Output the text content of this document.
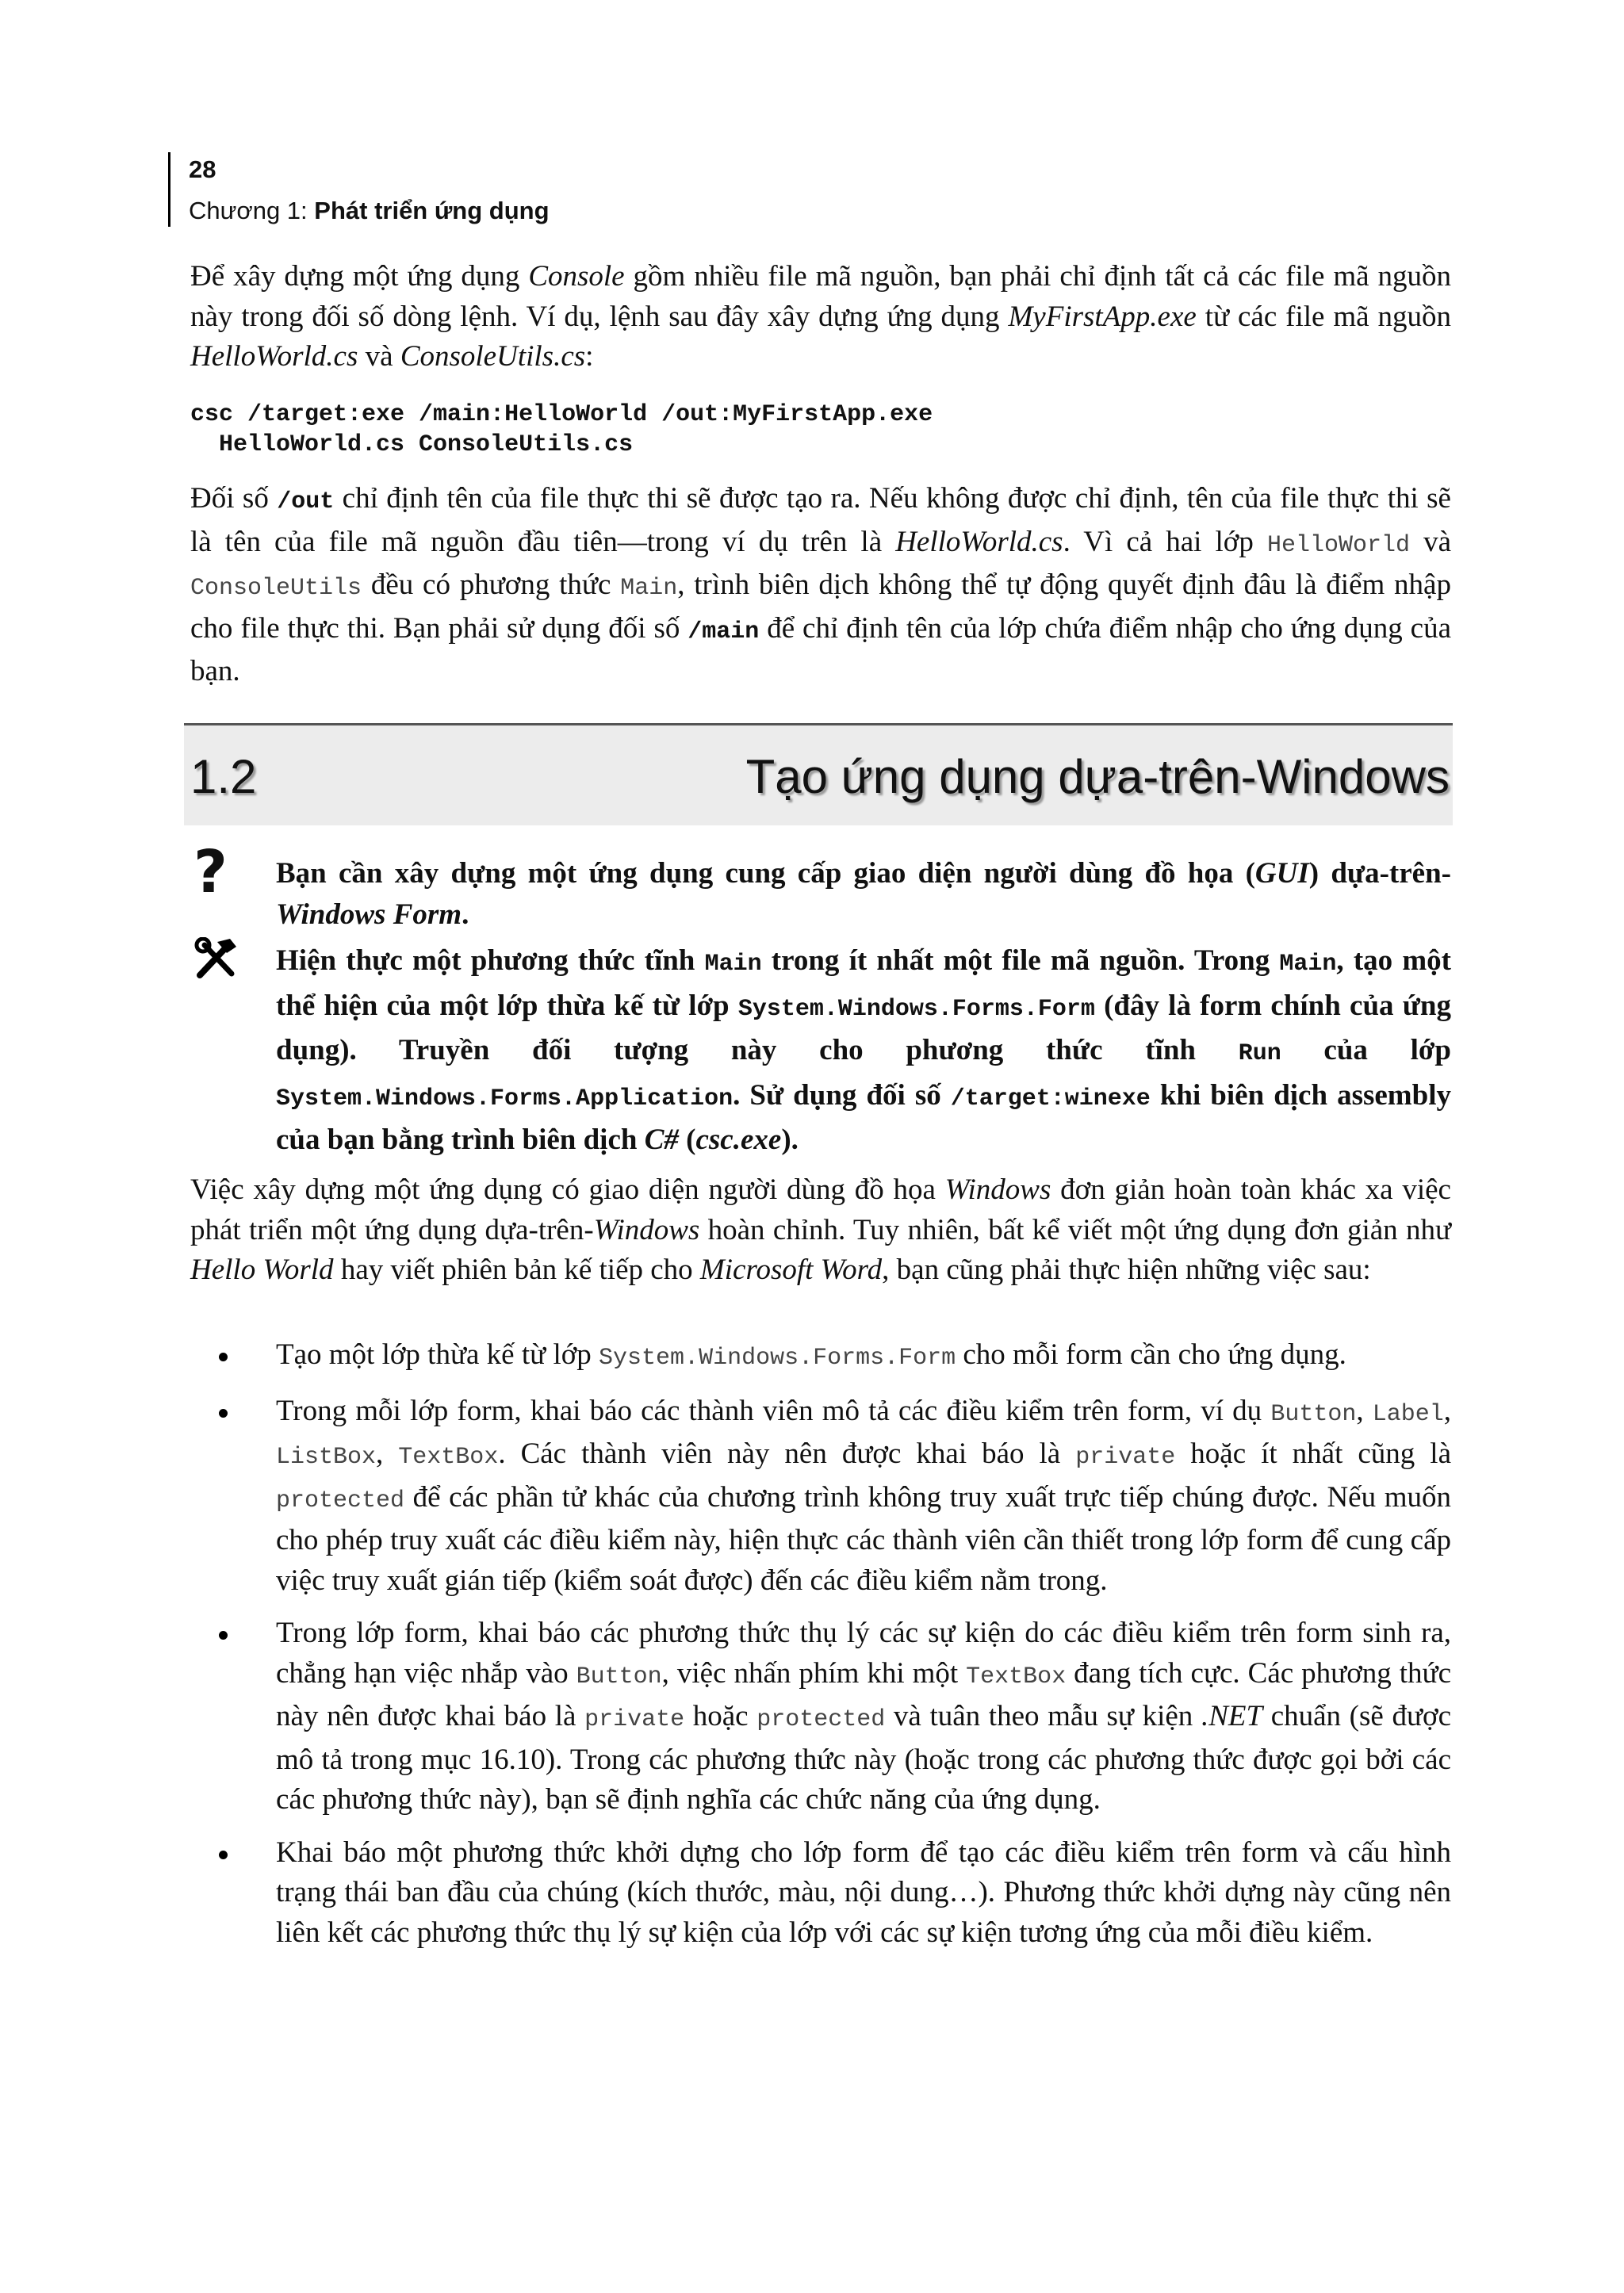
28
Chương 1: Phát triển ứng dụng
Để xây dựng một ứng dụng Console gồm nhiều file mã nguồn, bạn phải chỉ định tất cả các file mã nguồn này trong đối số dòng lệnh. Ví dụ, lệnh sau đây xây dựng ứng dụng MyFirstApp.exe từ các file mã nguồn HelloWorld.cs và ConsoleUtils.cs:
csc /target:exe /main:HelloWorld /out:MyFirstApp.exe
HelloWorld.cs ConsoleUtils.cs
Đối số /out chỉ định tên của file thực thi sẽ được tạo ra. Nếu không được chỉ định, tên của file thực thi sẽ là tên của file mã nguồn đầu tiên—trong ví dụ trên là HelloWorld.cs. Vì cả hai lớp HelloWorld và ConsoleUtils đều có phương thức Main, trình biên dịch không thể tự động quyết định đâu là điểm nhập cho file thực thi. Bạn phải sử dụng đối số /main để chỉ định tên của lớp chứa điểm nhập cho ứng dụng của bạn.
1.2	Tạo ứng dụng dựa-trên-Windows
? Bạn cần xây dựng một ứng dụng cung cấp giao diện người dùng đồ họa (GUI) dựa-trên-Windows Form.
Hiện thực một phương thức tĩnh Main trong ít nhất một file mã nguồn. Trong Main, tạo một thể hiện của một lớp thừa kế từ lớp System.Windows.Forms.Form (đây là form chính của ứng dụng). Truyền đối tượng này cho phương thức tĩnh Run của lớp System.Windows.Forms.Application. Sử dụng đối số /target:winexe khi biên dịch assembly của bạn bằng trình biên dịch C# (csc.exe).
Việc xây dựng một ứng dụng có giao diện người dùng đồ họa Windows đơn giản hoàn toàn khác xa việc phát triển một ứng dụng dựa-trên-Windows hoàn chỉnh. Tuy nhiên, bất kể viết một ứng dụng đơn giản như Hello World hay viết phiên bản kế tiếp cho Microsoft Word, bạn cũng phải thực hiện những việc sau:
Tạo một lớp thừa kế từ lớp System.Windows.Forms.Form cho mỗi form cần cho ứng dụng.
Trong mỗi lớp form, khai báo các thành viên mô tả các điều kiểm trên form, ví dụ Button, Label, ListBox, TextBox. Các thành viên này nên được khai báo là private hoặc ít nhất cũng là protected để các phần tử khác của chương trình không truy xuất trực tiếp chúng được. Nếu muốn cho phép truy xuất các điều kiểm này, hiện thực các thành viên cần thiết trong lớp form để cung cấp việc truy xuất gián tiếp (kiểm soát được) đến các điều kiểm nằm trong.
Trong lớp form, khai báo các phương thức thụ lý các sự kiện do các điều kiểm trên form sinh ra, chẳng hạn việc nhắp vào Button, việc nhấn phím khi một TextBox đang tích cực. Các phương thức này nên được khai báo là private hoặc protected và tuân theo mẫu sự kiện .NET chuẩn (sẽ được mô tả trong mục 16.10). Trong các phương thức này (hoặc trong các phương thức được gọi bởi các các phương thức này), bạn sẽ định nghĩa các chức năng của ứng dụng.
Khai báo một phương thức khởi dựng cho lớp form để tạo các điều kiểm trên form và cấu hình trạng thái ban đầu của chúng (kích thước, màu, nội dung…). Phương thức khởi dựng này cũng nên liên kết các phương thức thụ lý sự kiện của lớp với các sự kiện tương ứng của mỗi điều kiểm.
